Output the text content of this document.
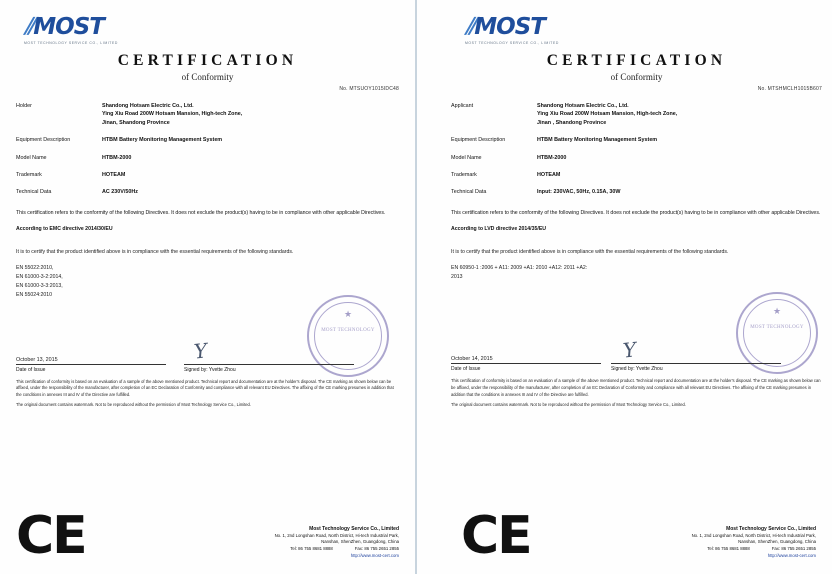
⫽MOST
MOST TECHNOLOGY SERVICE CO., LIMITED
CERTIFICATION
of Conformity
No. MTSUOY1015IDC48
Holder	Shandong Hotsam Electric Co., Ltd.
Ying Xiu Road 200W Hotsam Mansion, High-tech Zone,
Jinan, Shandong Province
Equipment Description	HTBM Battery Monitoring Management System
Model Name	HTBM-2000
Trademark	HOTEAM
Technical Data	AC 230V/50Hz
This certification refers to the conformity of the following Directives. It does not exclude the product(s) having to be in compliance with other applicable Directives.
According to EMC directive 2014/30/EU
It is to certify that the product identified above is in compliance with the essential requirements of the following standards.
EN 55022:2010,
EN 61000-3-2:2014,
EN 61000-3-3:2013,
EN 55024:2010
★
MOST TECHNOLOGY
Y
October 13, 2015
Date of Issue	Signed by: Yvette Zhou

This certification of conformity is based on an evaluation of a sample of the above mentioned product. Technical report and documentation are at the holder's disposal. The CE marking as shown below can be affixed, under the responsibility of the manufacturer, after completion of an EC Declaration of Conformity and compliance with all relevant EU Directives. The affixing of the CE marking presumes in addition that the conditions in annexes III and IV of the Directive are fulfilled.

The original document contains watermark. Not to be reproduced without the permission of Most Technology Service Co., Limited.

CE	Most Technology Service Co., Limited
No. 1, 2nd Longshan Road, North District, Hi-tech Industrial Park,
Nanshan, ShenZhen, Guangdong, China
Tel: 86 755 8681 8888	Fax: 86 755 2651 2855
http://www.most-cert.com
⫽MOST
MOST TECHNOLOGY SERVICE CO., LIMITED
CERTIFICATION
of Conformity
No. MTSHMCLH1015B607
Applicant	Shandong Hotsam Electric Co., Ltd.
Ying Xiu Road 200W Hotsam Mansion, High-tech Zone,
Jinan , Shandong Province
Equipment Description	HTBM Battery Monitoring Management System
Model Name	HTBM-2000
Trademark	HOTEAM
Technical Data	Input: 230VAC, 50Hz, 0.15A, 30W
This certification refers to the conformity of the following Directives. It does not exclude the product(s) having to be in compliance with other applicable Directives.
According to LVD directive 2014/35/EU
It is to certify that the product identified above is in compliance with the essential requirements of the following standards.
EN 60950-1 :2006 + A11: 2009 +A1: 2010 +A12: 2011 +A2:
2013
★
MOST TECHNOLOGY
Y
October 14, 2015
Date of Issue	Signed by: Yvette Zhou

This certification of conformity is based on an evaluation of a sample of the above mentioned product. Technical report and documentation are at the holder's disposal. The CE marking as shown below can be affixed, under the responsibility of the manufacturer, after completion of an EC Declaration of Conformity and compliance with all relevant EU Directives. The affixing of the CE marking presumes in addition that the conditions in annexes III and IV of the Directive are fulfilled.

The original document contains watermark. Not to be reproduced without the permission of Most Technology Service Co., Limited.

CE	Most Technology Service Co., Limited
No. 1, 2nd Longshan Road, North District, Hi-tech Industrial Park,
Nanshan, ShenZhen, Guangdong, China
Tel: 86 755 8681 8888	Fax: 86 755 2651 2855
http://www.most-cert.com
